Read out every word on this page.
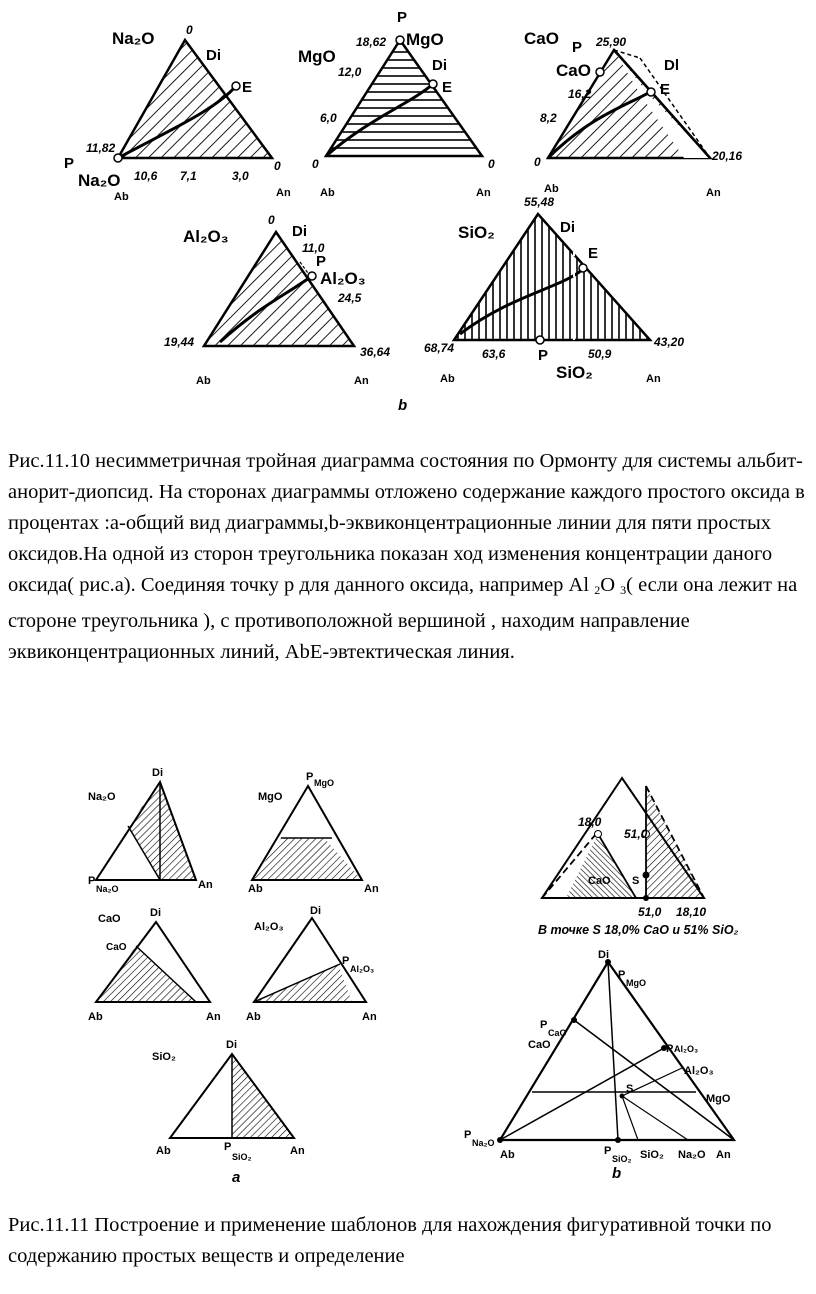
Na₂O	0
Di
E
11,82
P
Na₂O 10,6 7,1	3,0
0
Ab	An
MgO
P
MgO
18,62
12,0	Di
E
6,0
0	0
Ab	An
CaO P 25,90
CaO	Dl
E
16,2
8,2
0	20,16
Ab	An
Al₂O₃
0
Di
11,0
P
Al₂O₃
24,5
19,44
36,64
Ab	An
SiO₂
55,48
Di
E
68,74 63,6 P
SiO₂
50,9
43,20
Ab	An
b
Рис.11.10 несимметричная тройная диаграмма состояния по Ормонту для системы альбит-анорит-диопсид. На сторонах диаграммы отложено содержание каждого простого оксида в процентах :а-общий вид диаграммы,b-эквиконцентрационные линии для пяти простых оксидов.На одной из сторон треугольника показан ход изменения концентрации даного оксида( рис.а). Соединяя точку р для данного оксида, например Al $_2$O $_3$( если она лежит на стороне треугольника ), с противоположной вершиной , находим направление эквиконцентрационных линий, AbE-эвтектическая линия.
Na₂O
Di
P
Na₂O	An
MgO
P MgO
Ab	An
CaO	Di
CaO
Ab	An
Al₂O₃
Di
P
Al₂O₃
Ab	An
SiO₂
Di
Ab	P
SiO₂	An
a
18,0
51,0
CaO S
51,0 18,10
В точке S 18,0% CaO и 51% SiO₂
Di
P
MgO
P
CaO
CaO	P Al₂O₃
Al₂O₃
MgO
S
P
Na₂O
Ab	P
SiO₂ SiO₂ Na₂O An
b
Рис.11.11 Построение и применение шаблонов для нахождения фигуративной точки по содержанию простых веществ и определение
